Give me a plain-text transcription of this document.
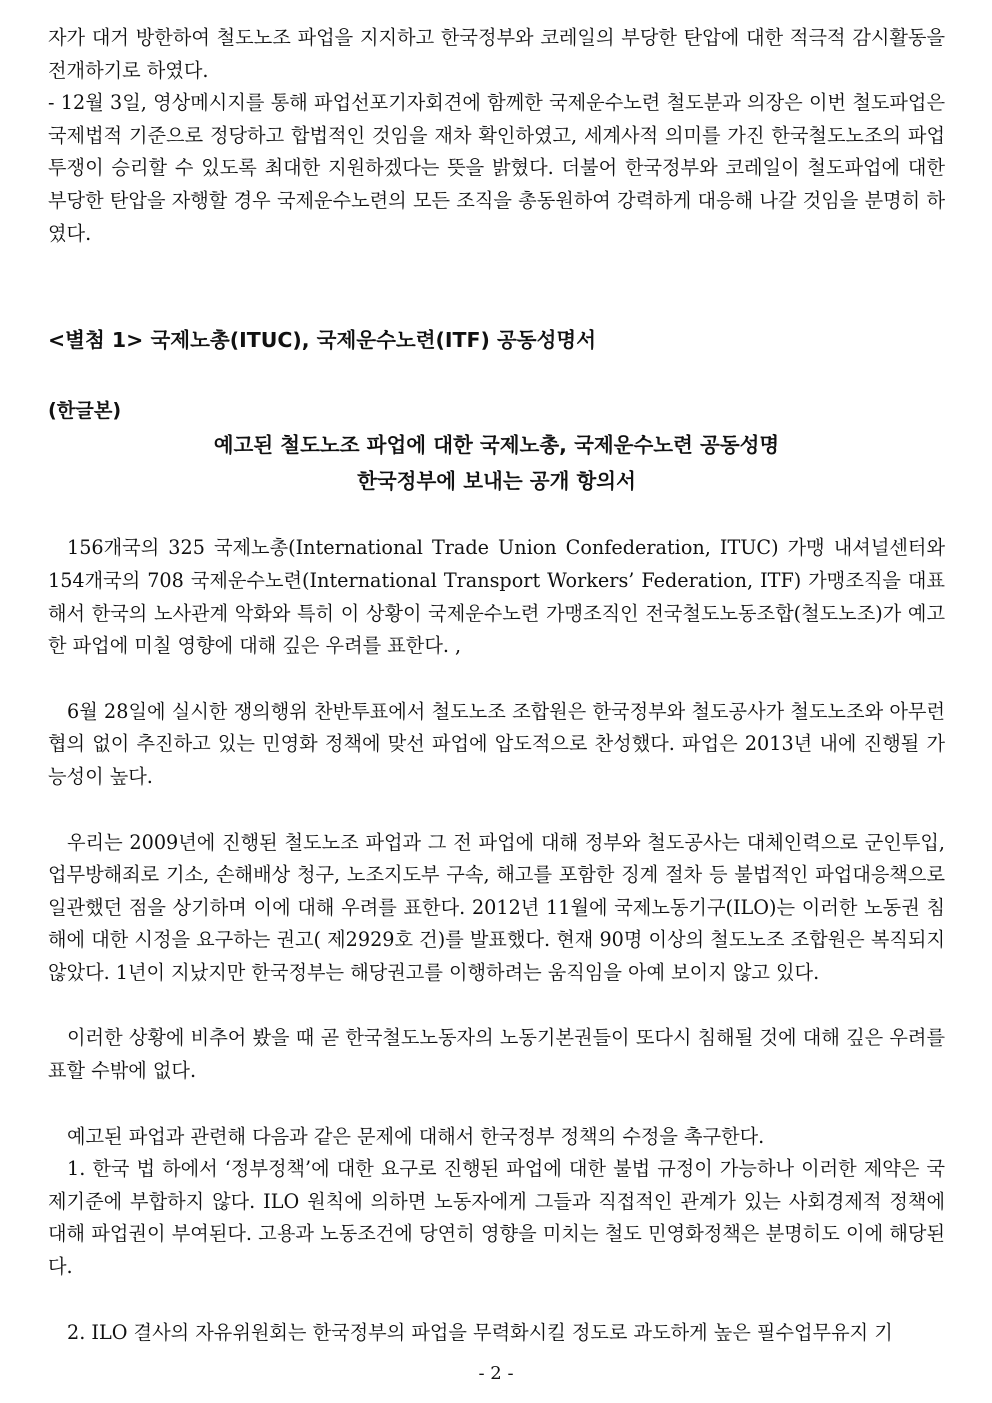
자가 대거 방한하여 철도노조 파업을 지지하고 한국정부와 코레일의 부당한 탄압에 대한 적극적 감시활동을 전개하기로 하였다.

- 12월 3일, 영상메시지를 통해 파업선포기자회견에 함께한 국제운수노련 철도분과 의장은 이번 철도파업은 국제법적 기준으로 정당하고 합법적인 것임을 재차 확인하였고, 세계사적 의미를 가진 한국철도노조의 파업투쟁이 승리할 수 있도록 최대한 지원하겠다는 뜻을 밝혔다. 더불어 한국정부와 코레일이 철도파업에 대한 부당한 탄압을 자행할 경우 국제운수노련의 모든 조직을 총동원하여 강력하게 대응해 나갈 것임을 분명히 하였다.

<별첨 1> 국제노총(ITUC), 국제운수노련(ITF) 공동성명서

(한글본)

예고된 철도노조 파업에 대한 국제노총, 국제운수노련 공동성명

한국정부에 보내는 공개 항의서

156개국의 325 국제노총(International Trade Union Confederation, ITUC) 가맹 내셔널센터와 154개국의 708 국제운수노련(International Transport Workers’ Federation, ITF) 가맹조직을 대표해서 한국의 노사관계 악화와 특히 이 상황이 국제운수노련 가맹조직인 전국철도노동조합(철도노조)가 예고한 파업에 미칠 영향에 대해 깊은 우려를 표한다. ,

6월 28일에 실시한 쟁의행위 찬반투표에서 철도노조 조합원은 한국정부와 철도공사가 철도노조와 아무런 협의 없이 추진하고 있는 민영화 정책에 맞선 파업에 압도적으로 찬성했다. 파업은 2013년 내에 진행될 가능성이 높다.

우리는 2009년에 진행된 철도노조 파업과 그 전 파업에 대해 정부와 철도공사는 대체인력으로 군인투입, 업무방해죄로 기소, 손해배상 청구, 노조지도부 구속, 해고를 포함한 징계 절차 등 불법적인 파업대응책으로 일관했던 점을 상기하며 이에 대해 우려를 표한다. 2012년 11월에 국제노동기구(ILO)는 이러한 노동권 침해에 대한 시정을 요구하는 권고( 제2929호 건)를 발표했다. 현재 90명 이상의 철도노조 조합원은 복직되지 않았다. 1년이 지났지만 한국정부는 해당권고를 이행하려는 움직임을 아예 보이지 않고 있다.

이러한 상황에 비추어 봤을 때 곧 한국철도노동자의 노동기본권들이 또다시 침해될 것에 대해 깊은 우려를 표할 수밖에 없다.

예고된 파업과 관련해 다음과 같은 문제에 대해서 한국정부 정책의 수정을 촉구한다.

1. 한국 법 하에서 ‘정부정책’에 대한 요구로 진행된 파업에 대한 불법 규정이 가능하나 이러한 제약은 국제기준에 부합하지 않다. ILO 원칙에 의하면 노동자에게 그들과 직접적인 관계가 있는 사회경제적 정책에 대해 파업권이 부여된다. 고용과 노동조건에 당연히 영향을 미치는 철도 민영화정책은 분명히도 이에 해당된다.

2. ILO 결사의 자유위원회는 한국정부의 파업을 무력화시킬 정도로 과도하게 높은 필수업무유지 기

- 2 -
